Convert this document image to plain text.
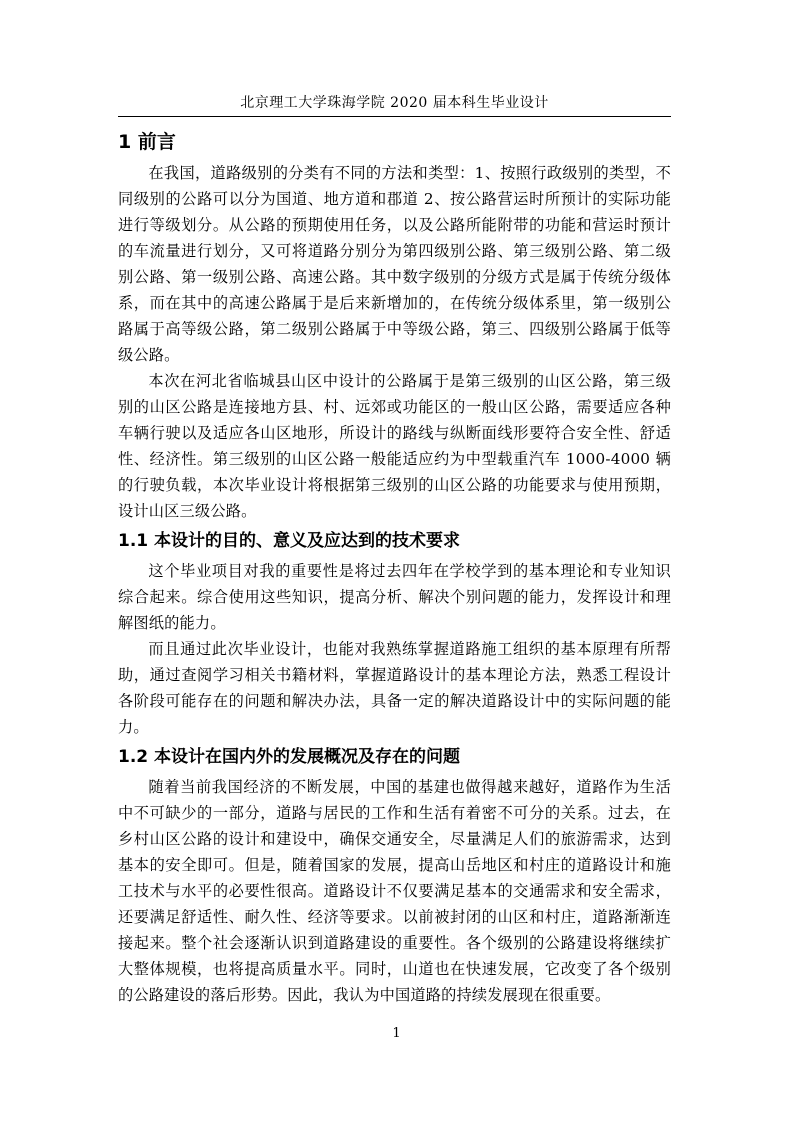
北京理工大学珠海学院 2020 届本科生毕业设计
1 前言

在我国，道路级别的分类有不同的方法和类型：1、按照行政级别的类型，不同级别的公路可以分为国道、地方道和郡道 2、按公路营运时所预计的实际功能进行等级划分。从公路的预期使用任务，以及公路所能附带的功能和营运时预计的车流量进行划分，又可将道路分别分为第四级别公路、第三级别公路、第二级别公路、第一级别公路、高速公路。其中数字级别的分级方式是属于传统分级体系，而在其中的高速公路属于是后来新增加的，在传统分级体系里，第一级别公路属于高等级公路，第二级别公路属于中等级公路，第三、四级别公路属于低等级公路。

本次在河北省临城县山区中设计的公路属于是第三级别的山区公路，第三级别的山区公路是连接地方县、村、远郊或功能区的一般山区公路，需要适应各种车辆行驶以及适应各山区地形，所设计的路线与纵断面线形要符合安全性、舒适性、经济性。第三级别的山区公路一般能适应约为中型载重汽车 1000-4000 辆的行驶负载，本次毕业设计将根据第三级别的山区公路的功能要求与使用预期，设计山区三级公路。

1.1 本设计的目的、意义及应达到的技术要求

这个毕业项目对我的重要性是将过去四年在学校学到的基本理论和专业知识综合起来。综合使用这些知识，提高分析、解决个别问题的能力，发挥设计和理解图纸的能力。

而且通过此次毕业设计，也能对我熟练掌握道路施工组织的基本原理有所帮助，通过查阅学习相关书籍材料，掌握道路设计的基本理论方法，熟悉工程设计各阶段可能存在的问题和解决办法，具备一定的解决道路设计中的实际问题的能力。

1.2 本设计在国内外的发展概况及存在的问题

随着当前我国经济的不断发展，中国的基建也做得越来越好，道路作为生活中不可缺少的一部分，道路与居民的工作和生活有着密不可分的关系。过去，在乡村山区公路的设计和建设中，确保交通安全，尽量满足人们的旅游需求，达到基本的安全即可。但是，随着国家的发展，提高山岳地区和村庄的道路设计和施工技术与水平的必要性很高。道路设计不仅要满足基本的交通需求和安全需求，还要满足舒适性、耐久性、经济等要求。以前被封闭的山区和村庄，道路渐渐连接起来。整个社会逐渐认识到道路建设的重要性。各个级别的公路建设将继续扩大整体规模，也将提高质量水平。同时，山道也在快速发展，它改变了各个级别的公路建设的落后形势。因此，我认为中国道路的持续发展现在很重要。

1
